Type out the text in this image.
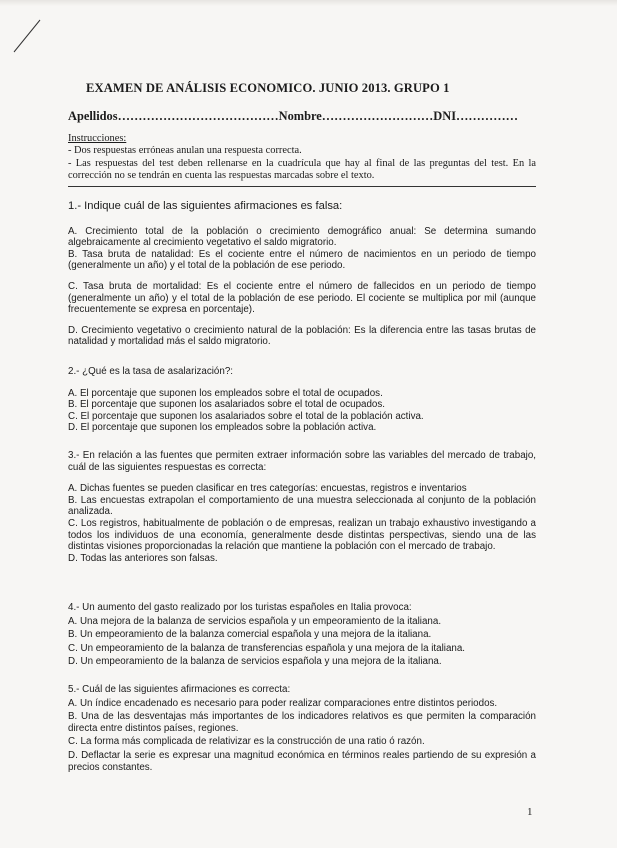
EXAMEN DE ANÁLISIS ECONOMICO. JUNIO 2013. GRUPO 1
Apellidos…………………………………Nombre………………………DNI……………
Instrucciones:
- Dos respuestas erróneas anulan una respuesta correcta.
- Las respuestas del test deben rellenarse en la cuadrícula que hay al final de las preguntas del test. En la corrección no se tendrán en cuenta las respuestas marcadas sobre el texto.

1.- Indique cuál de las siguientes afirmaciones es falsa:

A. Crecimiento total de la población o crecimiento demográfico anual: Se determina sumando algebraicamente al crecimiento vegetativo el saldo migratorio.

B. Tasa bruta de natalidad: Es el cociente entre el número de nacimientos en un periodo de tiempo (generalmente un año) y el total de la población de ese periodo.

C. Tasa bruta de mortalidad: Es el cociente entre el número de fallecidos en un periodo de tiempo (generalmente un año) y el total de la población de ese periodo. El cociente se multiplica por mil (aunque frecuentemente se expresa en porcentaje).

D. Crecimiento vegetativo o crecimiento natural de la población: Es la diferencia entre las tasas brutas de natalidad y mortalidad más el saldo migratorio.

2.- ¿Qué es la tasa de asalarización?:

A. El porcentaje que suponen los empleados sobre el total de ocupados.

B. El porcentaje que suponen los asalariados sobre el total de ocupados.

C. El porcentaje que suponen los asalariados sobre el total de la población activa.

D. El porcentaje que suponen los empleados sobre la población activa.

3.- En relación a las fuentes que permiten extraer información sobre las variables del mercado de trabajo, cuál de las siguientes respuestas es correcta:

A. Dichas fuentes se pueden clasificar en tres categorías: encuestas, registros e inventarios

B. Las encuestas extrapolan el comportamiento de una muestra seleccionada al conjunto de la población analizada.

C. Los registros, habitualmente de población o de empresas, realizan un trabajo exhaustivo investigando a todos los individuos de una economía, generalmente desde distintas perspectivas, siendo una de las distintas visiones proporcionadas la relación que mantiene la población con el mercado de trabajo.

D. Todas las anteriores son falsas.

4.- Un aumento del gasto realizado por los turistas españoles en Italia provoca:

A. Una mejora de la balanza de servicios española y un empeoramiento de la italiana.

B. Un empeoramiento de la balanza comercial española y una mejora de la italiana.

C. Un empeoramiento de la balanza de transferencias española y una mejora de la italiana.

D. Un empeoramiento de la balanza de servicios española y una mejora de la italiana.

5.- Cuál de las siguientes afirmaciones es correcta:

A. Un índice encadenado es necesario para poder realizar comparaciones entre distintos periodos.

B. Una de las desventajas más importantes de los indicadores relativos es que permiten la comparación directa entre distintos países, regiones.

C. La forma más complicada de relativizar es la construcción de una ratio ó razón.

D. Deflactar la serie es expresar una magnitud económica en términos reales partiendo de su expresión a precios constantes.

1
